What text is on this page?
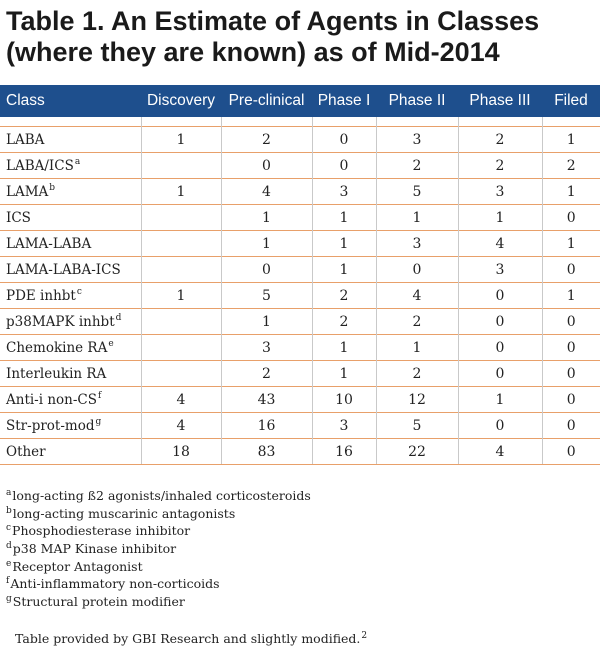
Table 1. An Estimate of Agents in Classes
(where they are known) as of Mid-2014
Class	Discovery	Pre-clinical	Phase I	Phase II	Phase III	Filed

LABA	1	2	0	3	2	1
LABA/ICS$^a$		0	0	2	2	2
LAMA$^b$	1	4	3	5	3	1
ICS		1	1	1	1	0
LAMA-LABA		1	1	3	4	1
LAMA-LABA-ICS		0	1	0	3	0
PDE inhbt$^c$	1	5	2	4	0	1
p38MAPK inhbt$^d$		1	2	2	0	0
Chemokine $RA^e$		3	1	1	0	0
Interleukin RA		2	1	2	0	0
Anti-i non-$CS^f$	4	43	10	12	1	0
Str-prot-mod$^g$	4	16	3	5	0	0
Other	18	83	16	22	4	0
$^a$long-acting ß2 agonists/inhaled corticosteroids
$^b$long-acting muscarinic antagonists
$^c$Phosphodiesterase inhibitor
$^d$p38 MAP Kinase inhibitor
$^e$Receptor Antagonist
$^f$Anti-inflammatory non-corticoids
$^g$Structural protein modifier
Table provided by GBI Research and slightly modified.$^2$
